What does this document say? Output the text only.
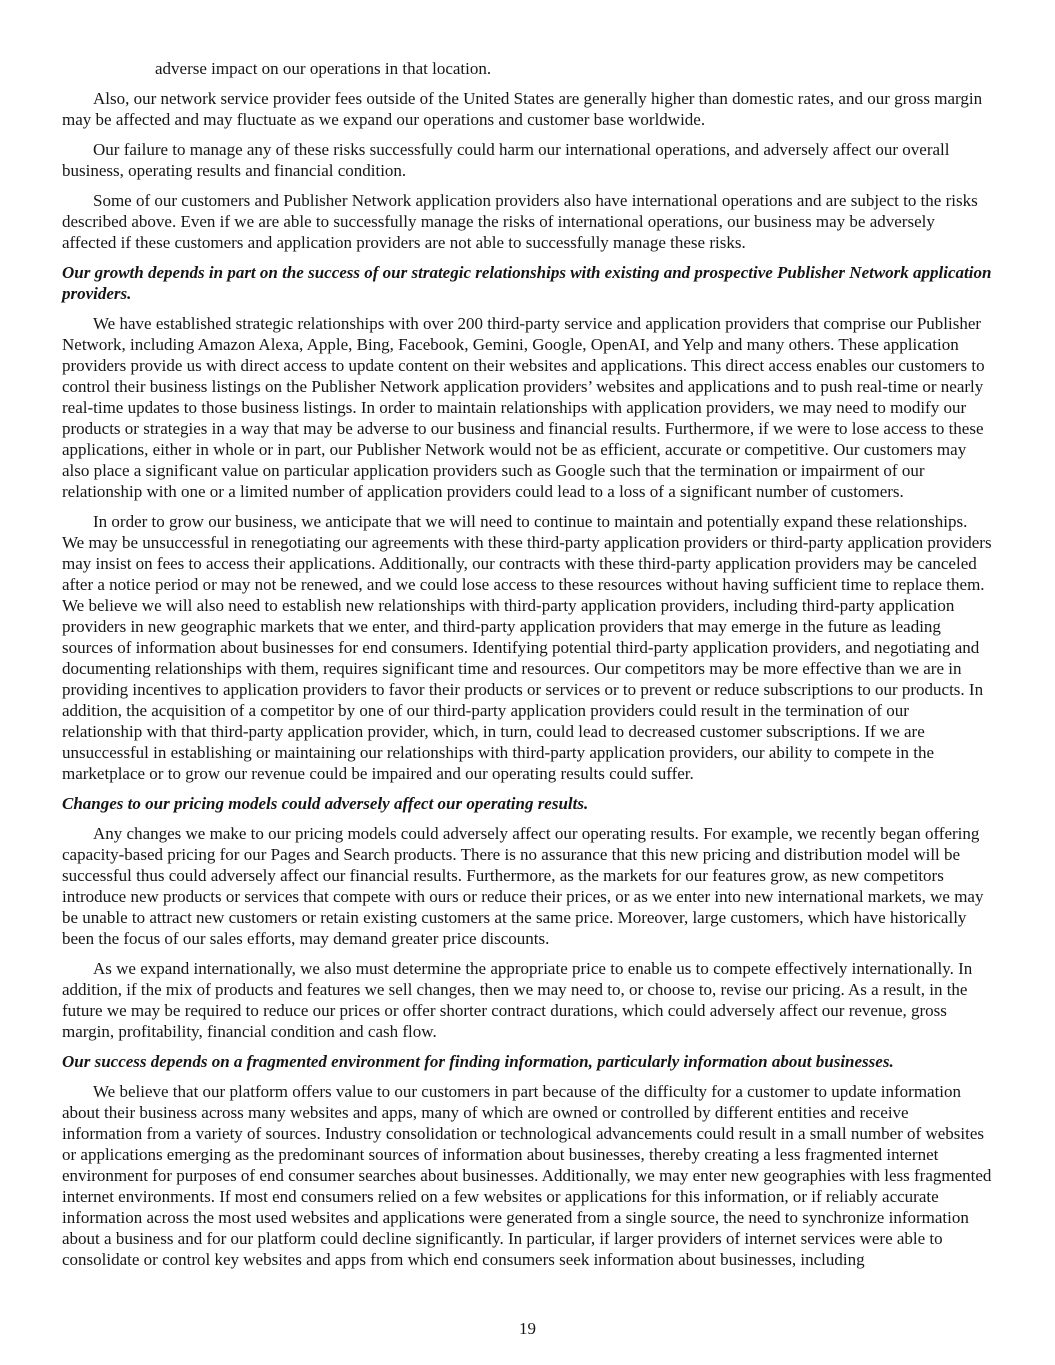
adverse impact on our operations in that location.

Also, our network service provider fees outside of the United States are generally higher than domestic rates, and our gross margin may be affected and may fluctuate as we expand our operations and customer base worldwide.

Our failure to manage any of these risks successfully could harm our international operations, and adversely affect our overall business, operating results and financial condition.

Some of our customers and Publisher Network application providers also have international operations and are subject to the risks described above. Even if we are able to successfully manage the risks of international operations, our business may be adversely affected if these customers and application providers are not able to successfully manage these risks.

Our growth depends in part on the success of our strategic relationships with existing and prospective Publisher Network application providers.

We have established strategic relationships with over 200 third-party service and application providers that comprise our Publisher Network, including Amazon Alexa, Apple, Bing, Facebook, Gemini, Google, OpenAI, and Yelp and many others. These application providers provide us with direct access to update content on their websites and applications. This direct access enables our customers to control their business listings on the Publisher Network application providers’ websites and applications and to push real-time or nearly real-time updates to those business listings. In order to maintain relationships with application providers, we may need to modify our products or strategies in a way that may be adverse to our business and financial results. Furthermore, if we were to lose access to these applications, either in whole or in part, our Publisher Network would not be as efficient, accurate or competitive. Our customers may also place a significant value on particular application providers such as Google such that the termination or impairment of our relationship with one or a limited number of application providers could lead to a loss of a significant number of customers.

In order to grow our business, we anticipate that we will need to continue to maintain and potentially expand these relationships. We may be unsuccessful in renegotiating our agreements with these third-party application providers or third-party application providers may insist on fees to access their applications. Additionally, our contracts with these third-party application providers may be canceled after a notice period or may not be renewed, and we could lose access to these resources without having sufficient time to replace them. We believe we will also need to establish new relationships with third-party application providers, including third-party application providers in new geographic markets that we enter, and third-party application providers that may emerge in the future as leading sources of information about businesses for end consumers. Identifying potential third-party application providers, and negotiating and documenting relationships with them, requires significant time and resources. Our competitors may be more effective than we are in providing incentives to application providers to favor their products or services or to prevent or reduce subscriptions to our products. In addition, the acquisition of a competitor by one of our third-party application providers could result in the termination of our relationship with that third-party application provider, which, in turn, could lead to decreased customer subscriptions. If we are unsuccessful in establishing or maintaining our relationships with third-party application providers, our ability to compete in the marketplace or to grow our revenue could be impaired and our operating results could suffer.

Changes to our pricing models could adversely affect our operating results.

Any changes we make to our pricing models could adversely affect our operating results. For example, we recently began offering capacity-based pricing for our Pages and Search products. There is no assurance that this new pricing and distribution model will be successful thus could adversely affect our financial results. Furthermore, as the markets for our features grow, as new competitors introduce new products or services that compete with ours or reduce their prices, or as we enter into new international markets, we may be unable to attract new customers or retain existing customers at the same price. Moreover, large customers, which have historically been the focus of our sales efforts, may demand greater price discounts.

As we expand internationally, we also must determine the appropriate price to enable us to compete effectively internationally. In addition, if the mix of products and features we sell changes, then we may need to, or choose to, revise our pricing. As a result, in the future we may be required to reduce our prices or offer shorter contract durations, which could adversely affect our revenue, gross margin, profitability, financial condition and cash flow.

Our success depends on a fragmented environment for finding information, particularly information about businesses.

We believe that our platform offers value to our customers in part because of the difficulty for a customer to update information about their business across many websites and apps, many of which are owned or controlled by different entities and receive information from a variety of sources. Industry consolidation or technological advancements could result in a small number of websites or applications emerging as the predominant sources of information about businesses, thereby creating a less fragmented internet environment for purposes of end consumer searches about businesses. Additionally, we may enter new geographies with less fragmented internet environments. If most end consumers relied on a few websites or applications for this information, or if reliably accurate information across the most used websites and applications were generated from a single source, the need to synchronize information about a business and for our platform could decline significantly. In particular, if larger providers of internet services were able to consolidate or control key websites and apps from which end consumers seek information about businesses, including

19
